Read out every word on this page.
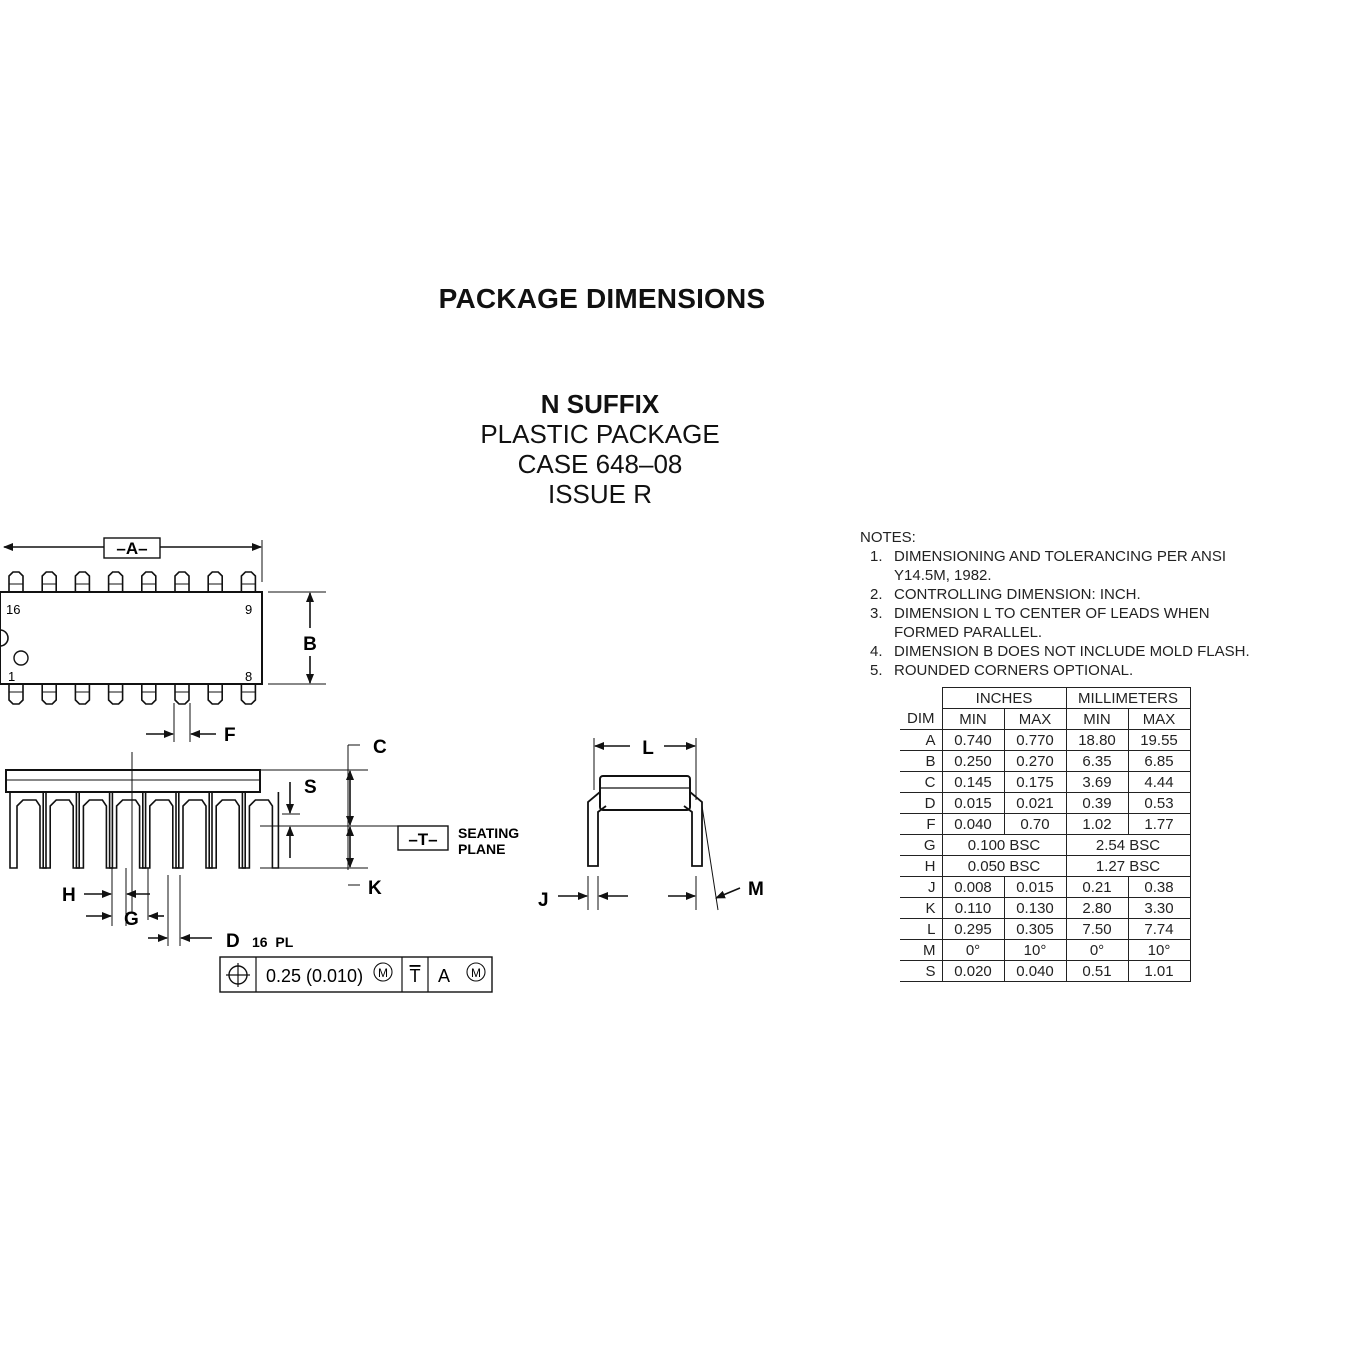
PACKAGE DIMENSIONS
N SUFFIX
PLASTIC PACKAGE
CASE 648–08
ISSUE R
–A–
B
16	9
1	8
F
C
S
K
–T– SEATING
PLANE
H
G
D 16  PL
0.25 (0.010) M T A M
L
J
M
NOTES:
1. DIMENSIONING AND TOLERANCING PER ANSI
Y14.5M, 1982.
2. CONTROLLING DIMENSION: INCH.
3. DIMENSION L TO CENTER OF LEADS WHEN
FORMED PARALLEL.
4. DIMENSION B DOES NOT INCLUDE MOLD FLASH.
5. ROUNDED CORNERS OPTIONAL.
	INCHES		MILLIMETERS	
DIM	MIN	MAX	MIN	MAX
A	0.740	0.770	18.80	19.55
B	0.250	0.270	6.35	6.85
C	0.145	0.175	3.69	4.44
D	0.015	0.021	0.39	0.53
F	0.040	0.70	1.02	1.77
G	0.100 BSC		2.54 BSC	
H	0.050 BSC		1.27 BSC	
J	0.008	0.015	0.21	0.38
K	0.110	0.130	2.80	3.30
L	0.295	0.305	7.50	7.74
M	0°	10°	0°	10°
S	0.020	0.040	0.51	1.01
